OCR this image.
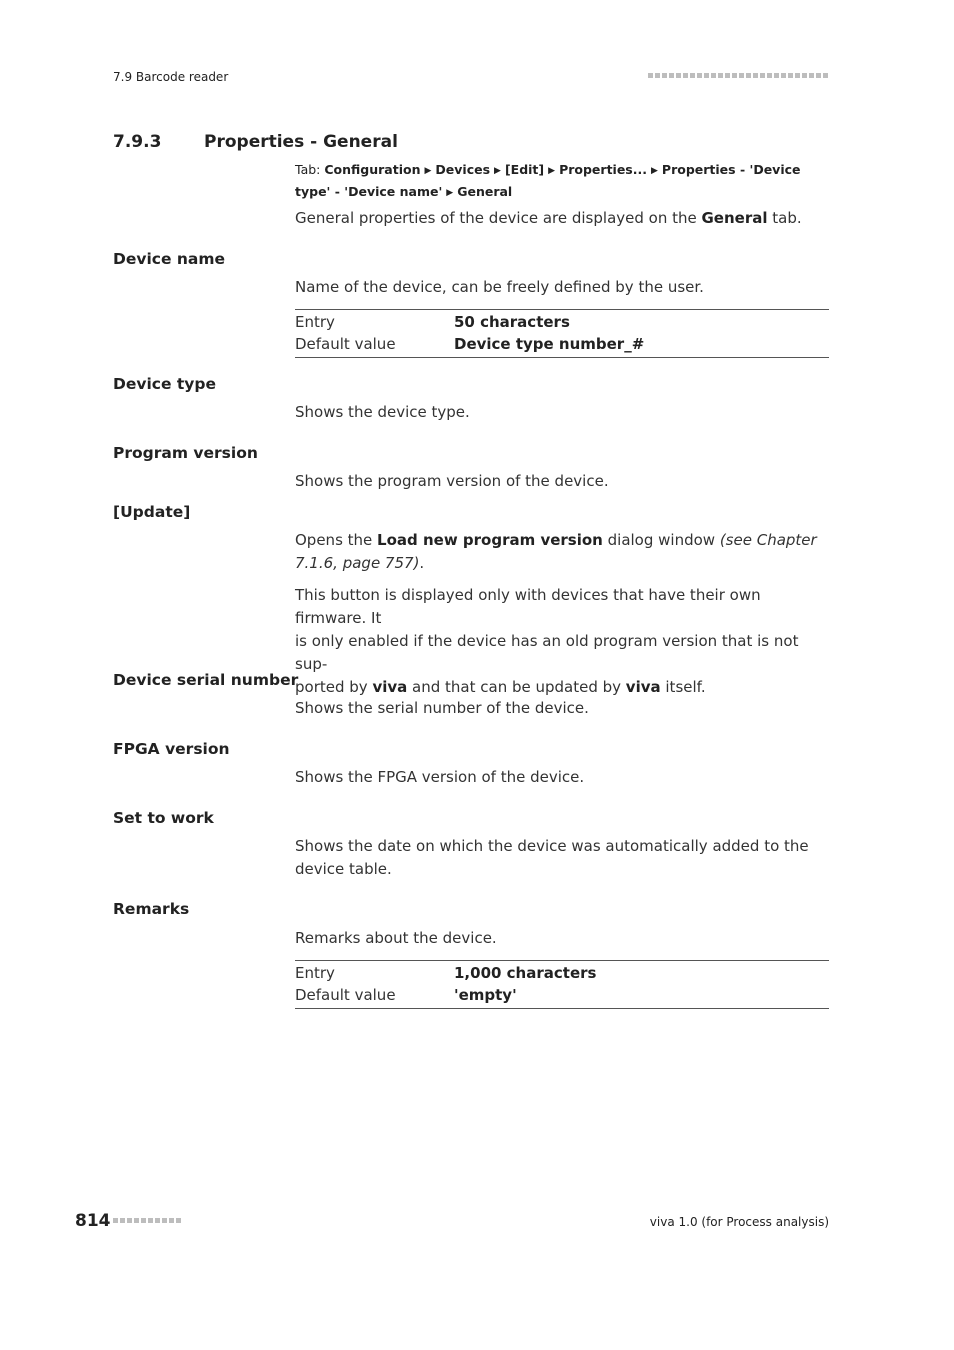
7.9 Barcode reader
7.9.3	Properties - General
Tab: Configuration ▶ Devices ▶ [Edit] ▶ Properties... ▶ Properties - 'Device type' - 'Device name' ▶ General
General properties of the device are displayed on the General tab.
Device name
Name of the device, can be freely defined by the user.
Entry	50 characters
Default value	Device type number_#
Device type
Shows the device type.
Program version
Shows the program version of the device.
[Update]
Opens the Load new program version dialog window (see Chapter
7.1.6, page 757).
This button is displayed only with devices that have their own firmware. It
is only enabled if the device has an old program version that is not sup-
ported by viva and that can be updated by viva itself.
Device serial number
Shows the serial number of the device.
FPGA version
Shows the FPGA version of the device.
Set to work
Shows the date on which the device was automatically added to the
device table.
Remarks
Remarks about the device.
Entry	1,000 characters
Default value	'empty'
814	viva 1.0 (for Process analysis)
